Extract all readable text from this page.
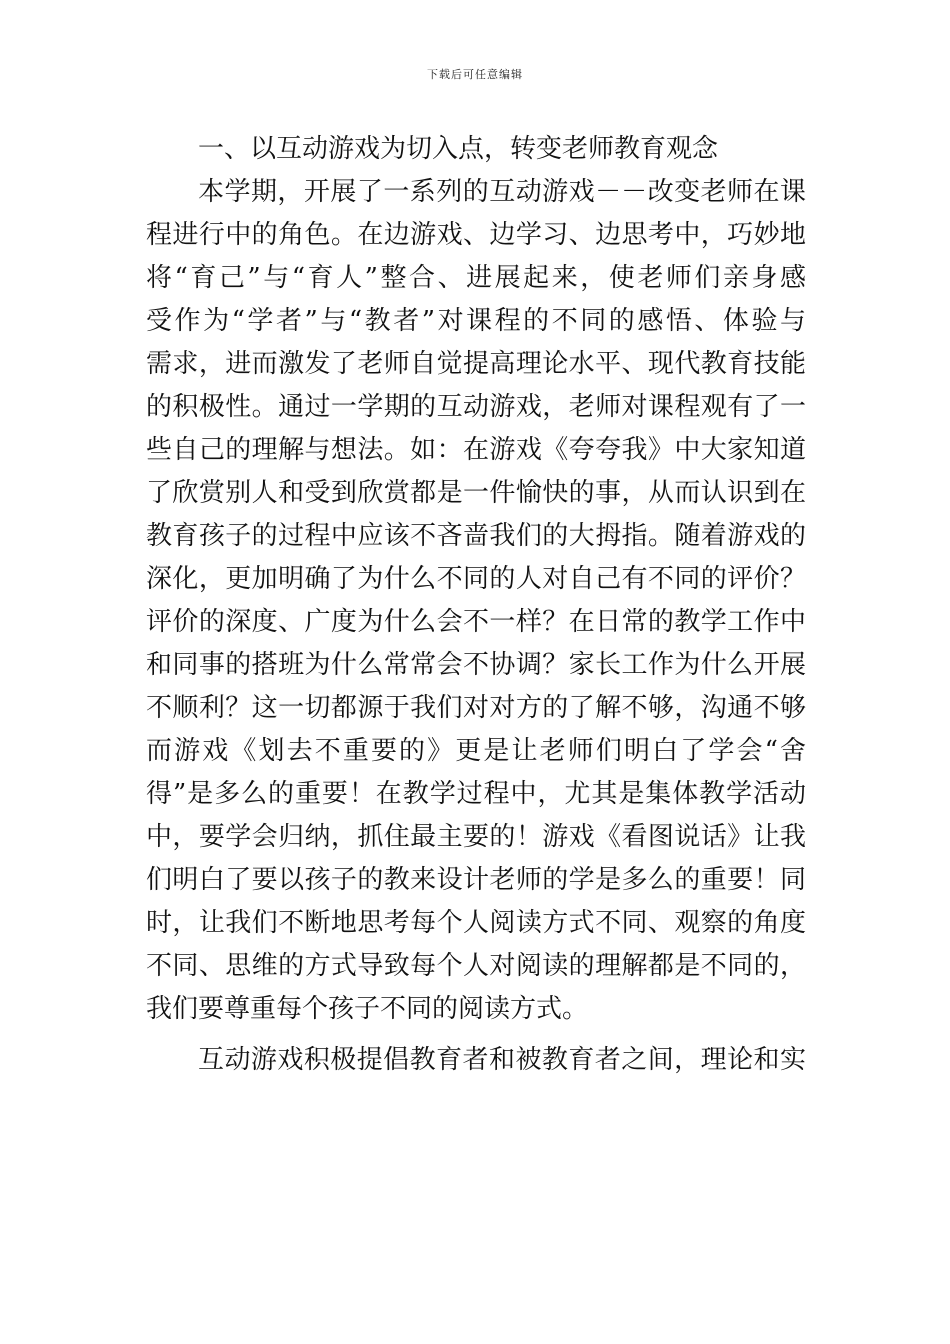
下载后可任意编辑
一、以互动游戏为切入点，转变老师教育观念
本学期，开展了一系列的互动游戏－－改变老师在课
程进行中的角色。在边游戏、边学习、边思考中，巧妙地
将“育己”与“育人”整合、进展起来，使老师们亲身感
受作为“学者”与“教者”对课程的不同的感悟、体验与
需求，进而激发了老师自觉提高理论水平、现代教育技能
的积极性。通过一学期的互动游戏，老师对课程观有了一
些自己的理解与想法。如：在游戏《夸夸我》中大家知道
了欣赏别人和受到欣赏都是一件愉快的事，从而认识到在
教育孩子的过程中应该不吝啬我们的大拇指。随着游戏的
深化，更加明确了为什么不同的人对自己有不同的评价？
评价的深度、广度为什么会不一样？在日常的教学工作中
和同事的搭班为什么常常会不协调？家长工作为什么开展
不顺利？这一切都源于我们对对方的了解不够，沟通不够
而游戏《划去不重要的》更是让老师们明白了学会“舍
得”是多么的重要！在教学过程中，尤其是集体教学活动
中，要学会归纳，抓住最主要的！游戏《看图说话》让我
们明白了要以孩子的教来设计老师的学是多么的重要！同
时，让我们不断地思考每个人阅读方式不同、观察的角度
不同、思维的方式导致每个人对阅读的理解都是不同的，
我们要尊重每个孩子不同的阅读方式。
互动游戏积极提倡教育者和被教育者之间，理论和实
